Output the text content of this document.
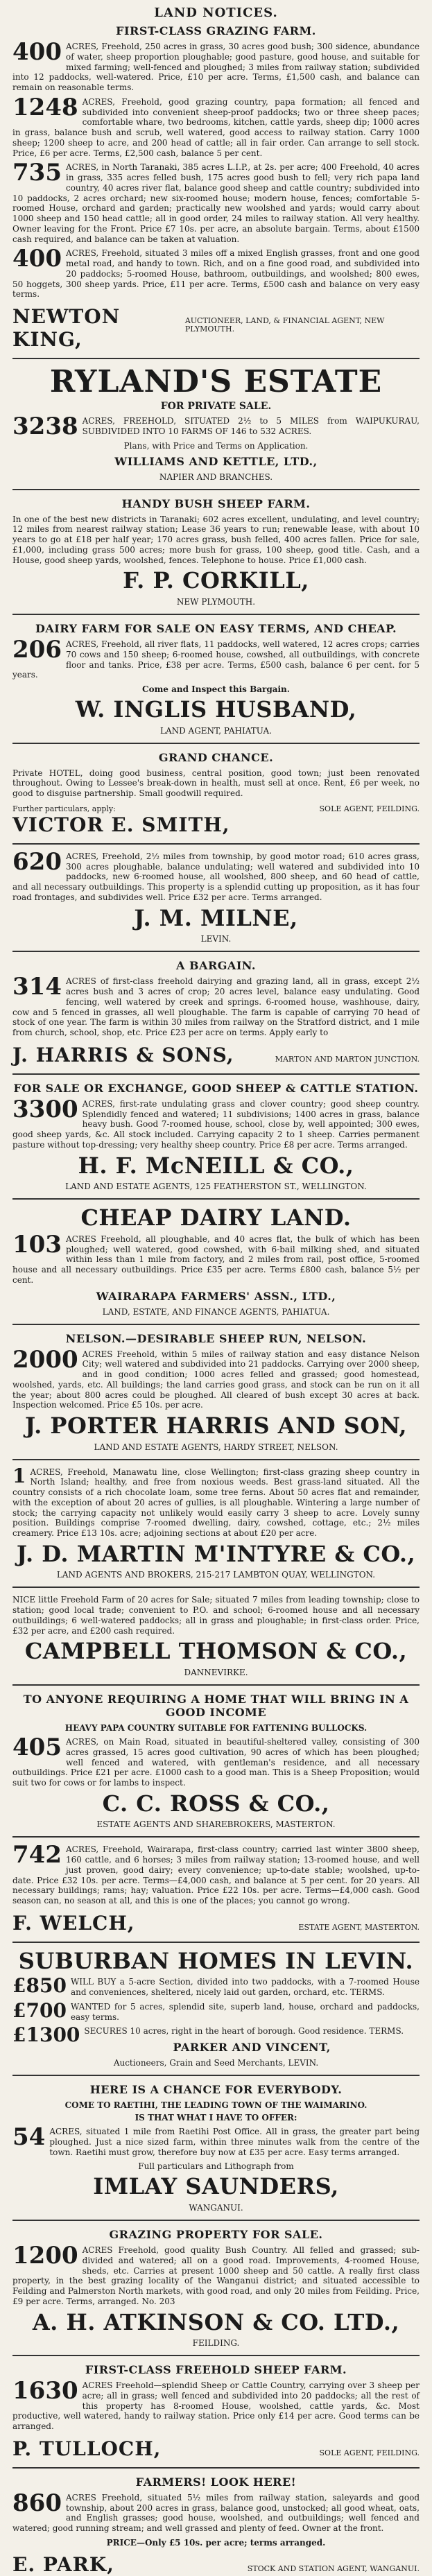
LAND NOTICES.
FIRST-CLASS GRAZING FARM.
400 ACRES, Freehold, 250 acres in grass, 30 acres good bush; 300 sidence, abundance of water, sheep proportion ploughable; good pasture, good house, and suitable for mixed farming; well-fenced and ploughed; 3 miles from railway station; subdivided into 12 paddocks, well-watered. Price, £10 per acre. Terms, £1,500 cash, and balance can remain on reasonable terms.
1248 ACRES, Freehold, good grazing country, papa formation; all fenced and subdivided into convenient sheep-proof paddocks; two or three sheep paces; comfortable whare, two bedrooms, kitchen, cattle yards, sheep dip; 1000 acres in grass, balance bush and scrub, well watered, good access to railway station. Carry 1000 sheep; 1200 sheep to acre, and 200 head of cattle; all in fair order. Can arrange to sell stock. Price, £6 per acre. Terms, £2,500 cash, balance 5 per cent.
735 ACRES, in North Taranaki, 385 acres L.I.P., at 2s. per acre; 400 Freehold, 40 acres in grass, 335 acres felled bush, 175 acres good bush to fell; very rich papa land country, 40 acres river flat, balance good sheep and cattle country; subdivided into 10 paddocks, 2 acres orchard; new six-roomed house; modern house, fences; comfortable 5-roomed House, orchard and garden; practically new woolshed and yards; would carry about 1000 sheep and 150 head cattle; all in good order, 24 miles to railway station. All very healthy. Owner leaving for the Front. Price £7 10s. per acre, an absolute bargain. Terms, about £1500 cash required, and balance can be taken at valuation.
400 ACRES, Freehold, situated 3 miles off a mixed English grasses, front and one good metal road, and handy to town. Rich, and on a fine good road, and subdivided into 20 paddocks; 5-roomed House, bathroom, outbuildings, and woolshed; 800 ewes, 50 hoggets, 300 sheep yards. Price, £11 per acre. Terms, £500 cash and balance on very easy terms.
NEWTON KING,
AUCTIONEER, LAND, & FINANCIAL AGENT, NEW PLYMOUTH.
RYLAND'S ESTATE
FOR PRIVATE SALE.
3238 ACRES, FREEHOLD, SITUATED 2½ to 5 MILES from WAIPUKURAU, SUBDIVIDED INTO 10 FARMS OF 146 to 532 ACRES.
Plans, with Price and Terms on Application.
WILLIAMS AND KETTLE, LTD.,
NAPIER AND BRANCHES.
HANDY BUSH SHEEP FARM.
In one of the best new districts in Taranaki; 602 acres excellent, undulating, and level country; 12 miles from nearest railway station; Lease 36 years to run; renewable lease, with about 10 years to go at £18 per half year; 170 acres grass, bush felled, 400 acres fallen. Price for sale, £1,000, including grass 500 acres; more bush for grass, 100 sheep, good title. Cash, and a House, good sheep yards, woolshed, fences. Telephone to house. Price £1,000 cash.
F. P. CORKILL,
NEW PLYMOUTH.
DAIRY FARM FOR SALE ON EASY TERMS, AND CHEAP.
206 ACRES, Freehold, all river flats, 11 paddocks, well watered, 12 acres crops; carries 70 cows and 150 sheep; 6-roomed house, cowshed, all outbuildings, with concrete floor and tanks. Price, £38 per acre. Terms, £500 cash, balance 6 per cent. for 5 years.
Come and Inspect this Bargain.
W. INGLIS HUSBAND,
LAND AGENT, PAHIATUA.
GRAND CHANCE.
Private HOTEL, doing good business, central position, good town; just been renovated throughout. Owing to Lessee's break-down in health, must sell at once. Rent, £6 per week, no good to disguise partnership. Small goodwill required.
Further particulars, apply:	SOLE AGENT, FEILDING.
VICTOR E. SMITH,
620 ACRES, Freehold, 2½ miles from township, by good motor road; 610 acres grass, 300 acres ploughable, balance undulating; well watered and subdivided into 10 paddocks, new 6-roomed house, all woolshed, 800 sheep, and 60 head of cattle, and all necessary outbuildings. This property is a splendid cutting up proposition, as it has four road frontages, and subdivides well. Price £32 per acre. Terms arranged.
J. M. MILNE,
LEVIN.
A BARGAIN.
314 ACRES of first-class freehold dairying and grazing land, all in grass, except 2½ acres bush and 3 acres of crop; 20 acres level, balance easy undulating. Good fencing, well watered by creek and springs. 6-roomed house, washhouse, dairy, cow and 5 fenced in grasses, all well ploughable. The farm is capable of carrying 70 head of stock of one year. The farm is within 30 miles from railway on the Stratford district, and 1 mile from church, school, shop, etc. Price £23 per acre on terms. Apply early to
J. HARRIS & SONS,	MARTON AND MARTON JUNCTION.
FOR SALE OR EXCHANGE, GOOD SHEEP & CATTLE STATION.
3300 ACRES, first-rate undulating grass and clover country; good sheep country. Splendidly fenced and watered; 11 subdivisions; 1400 acres in grass, balance heavy bush. Good 7-roomed house, school, close by, well appointed; 300 ewes, good sheep yards, &c. All stock included. Carrying capacity 2 to 1 sheep. Carries permanent pasture without top-dressing; very healthy sheep country. Price £8 per acre. Terms arranged.
H. F. McNEILL & CO.,
LAND AND ESTATE AGENTS, 125 FEATHERSTON ST., WELLINGTON.
CHEAP DAIRY LAND.
103 ACRES Freehold, all ploughable, and 40 acres flat, the bulk of which has been ploughed; well watered, good cowshed, with 6-bail milking shed, and situated within less than 1 mile from factory, and 2 miles from rail, post office, 5-roomed house and all necessary outbuildings. Price £35 per acre. Terms £800 cash, balance 5½ per cent.
WAIRARAPA FARMERS' ASSN., LTD.,
LAND, ESTATE, AND FINANCE AGENTS, PAHIATUA.
NELSON.—DESIRABLE SHEEP RUN, NELSON.
2000 ACRES Freehold, within 5 miles of railway station and easy distance Nelson City; well watered and subdivided into 21 paddocks. Carrying over 2000 sheep, and in good condition; 1000 acres felled and grassed; good homestead, woolshed, yards, etc. All buildings; the land carries good grass, and stock can be run on it all the year; about 800 acres could be ploughed. All cleared of bush except 30 acres at back. Inspection welcomed. Price £5 10s. per acre.
J. PORTER HARRIS AND SON,
LAND AND ESTATE AGENTS, HARDY STREET, NELSON.
1 ACRES, Freehold, Manawatu line, close Wellington; first-class grazing sheep country in North Island; healthy, and free from noxious weeds. Best grass-land situated. All the country consists of a rich chocolate loam, some tree ferns. About 50 acres flat and remainder, with the exception of about 20 acres of gullies, is all ploughable. Wintering a large number of stock; the carrying capacity not unlikely would easily carry 3 sheep to acre. Lovely sunny position. Buildings comprise 7-roomed dwelling, dairy, cowshed, cottage, etc.; 2½ miles creamery. Price £13 10s. acre; adjoining sections at about £20 per acre.
J. D. MARTIN M'INTYRE & CO.,
LAND AGENTS AND BROKERS, 215-217 LAMBTON QUAY, WELLINGTON.
NICE little Freehold Farm of 20 acres for Sale; situated 7 miles from leading township; close to station; good local trade; convenient to P.O. and school; 6-roomed house and all necessary outbuildings; 6 well-watered paddocks; all in grass and ploughable; in first-class order. Price, £32 per acre, and £200 cash required.
CAMPBELL THOMSON & CO.,
DANNEVIRKE.
TO ANYONE REQUIRING A HOME THAT WILL BRING IN A GOOD INCOME
HEAVY PAPA COUNTRY SUITABLE FOR FATTENING BULLOCKS.
405 ACRES, on Main Road, situated in beautiful-sheltered valley, consisting of 300 acres grassed, 15 acres good cultivation, 90 acres of which has been ploughed; well fenced and watered, with gentleman's residence, and all necessary outbuildings. Price £21 per acre. £1000 cash to a good man. This is a Sheep Proposition; would suit two for cows or for lambs to inspect.
C. C. ROSS & CO.,
ESTATE AGENTS AND SHAREBROKERS, MASTERTON.
742 ACRES, Freehold, Wairarapa, first-class country; carried last winter 3800 sheep, 160 cattle, and 6 horses; 3 miles from railway station; 13-roomed house, and well just proven, good dairy; every convenience; up-to-date stable; woolshed, up-to-date. Price £32 10s. per acre. Terms—£4,000 cash, and balance at 5 per cent. for 20 years. All necessary buildings; rams; hay; valuation. Price £22 10s. per acre. Terms—£4,000 cash. Good season can, no season at all, and this is one of the places; you cannot go wrong.
F. WELCH,	ESTATE AGENT, MASTERTON.
SUBURBAN HOMES IN LEVIN.
£850 WILL BUY a 5-acre Section, divided into two paddocks, with a 7-roomed House and conveniences, sheltered, nicely laid out garden, orchard, etc. TERMS.
£700 WANTED for 5 acres, splendid site, superb land, house, orchard and paddocks, easy terms.
£1300 SECURES 10 acres, right in the heart of borough. Good residence. TERMS.
PARKER AND VINCENT,
Auctioneers, Grain and Seed Merchants, LEVIN.
HERE IS A CHANCE FOR EVERYBODY.
COME TO RAETIHI, THE LEADING TOWN OF THE WAIMARINO.
IS THAT WHAT I HAVE TO OFFER:
54 ACRES, situated 1 mile from Raetihi Post Office. All in grass, the greater part being ploughed. Just a nice sized farm, within three minutes walk from the centre of the town. Raetihi must grow, therefore buy now at £35 per acre. Easy terms arranged.
Full particulars and Lithograph from
IMLAY SAUNDERS,
WANGANUI.
GRAZING PROPERTY FOR SALE.
1200 ACRES Freehold, good quality Bush Country. All felled and grassed; sub-divided and watered; all on a good road. Improvements, 4-roomed House, sheds, etc. Carries at present 1000 sheep and 50 cattle. A really first class property, in the best grazing locality of the Wanganui district; and situated accessible to Feilding and Palmerston North markets, with good road, and only 20 miles from Feilding. Price, £9 per acre. Terms, arranged. No. 203
A. H. ATKINSON & CO. LTD.,
FEILDING.
FIRST-CLASS FREEHOLD SHEEP FARM.
1630 ACRES Freehold—splendid Sheep or Cattle Country, carrying over 3 sheep per acre; all in grass; well fenced and subdivided into 20 paddocks; all the rest of this property has 8-roomed House, woolshed, cattle yards, &c. Most productive, well watered, handy to railway station. Price only £14 per acre. Good terms can be arranged.
P. TULLOCH,	SOLE AGENT, FEILDING.
FARMERS! LOOK HERE!
860 ACRES Freehold, situated 5½ miles from railway station, saleyards and good township, about 200 acres in grass, balance good, unstocked; all good wheat, oats, and English grasses; good house, woolshed, and outbuildings; well fenced and watered; good running stream; and well grassed and plenty of feed. Owner at the front.
PRICE—Only £5 10s. per acre; terms arranged.
E. PARK,	STOCK AND STATION AGENT, WANGANUI.
